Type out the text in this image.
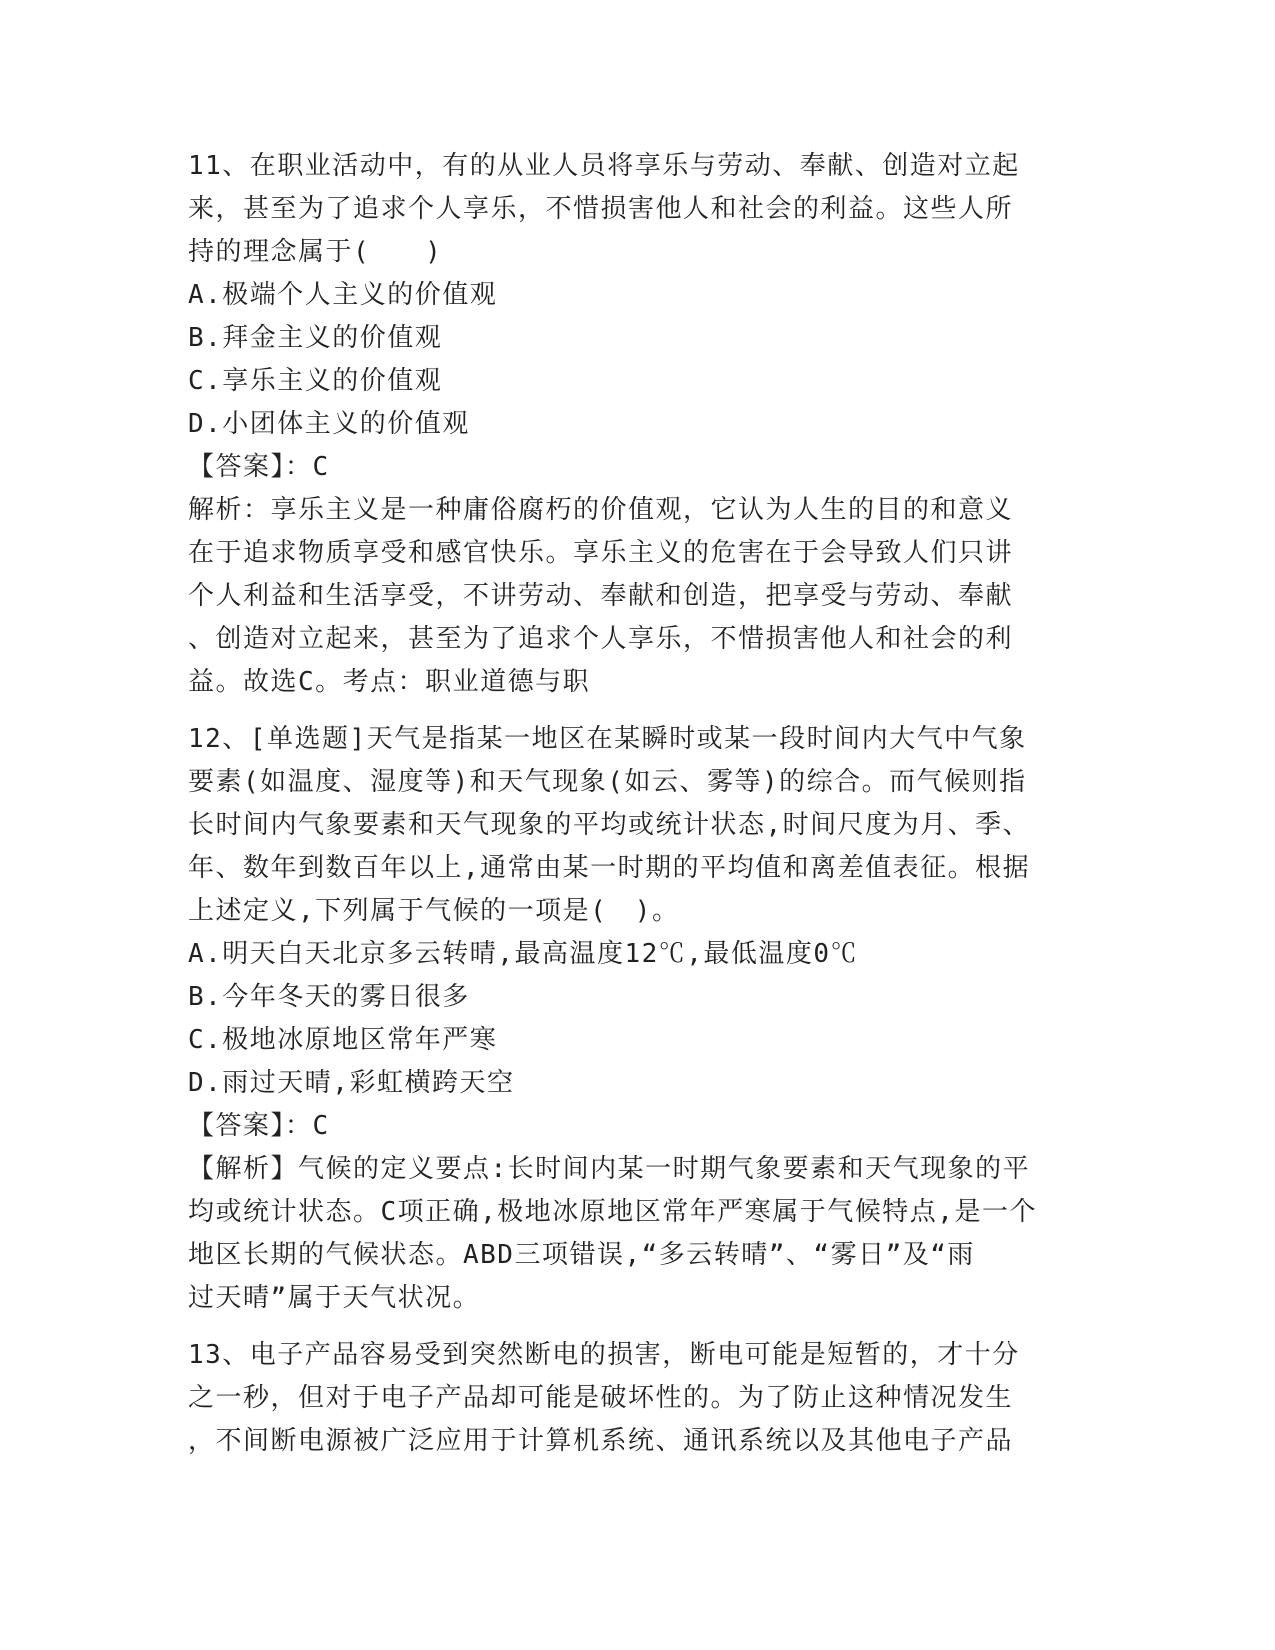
11、在职业活动中，有的从业人员将享乐与劳动、奉献、创造对立起
来，甚至为了追求个人享乐，不惜损害他人和社会的利益。这些人所
持的理念属于(　　)
A.极端个人主义的价值观
B.拜金主义的价值观
C.享乐主义的价值观
D.小团体主义的价值观
【答案】：C
解析：享乐主义是一种庸俗腐朽的价值观，它认为人生的目的和意义
在于追求物质享受和感官快乐。享乐主义的危害在于会导致人们只讲
个人利益和生活享受，不讲劳动、奉献和创造，把享受与劳动、奉献
、创造对立起来，甚至为了追求个人享乐，不惜损害他人和社会的利
益。故选C。考点：职业道德与职
12、[单选题]天气是指某一地区在某瞬时或某一段时间内大气中气象
要素(如温度、湿度等)和天气现象(如云、雾等)的综合。而气候则指
长时间内气象要素和天气现象的平均或统计状态,时间尺度为月、季、
年、数年到数百年以上,通常由某一时期的平均值和离差值表征。根据
上述定义,下列属于气候的一项是(　)。
A.明天白天北京多云转晴,最高温度12℃,最低温度0℃
B.今年冬天的雾日很多
C.极地冰原地区常年严寒
D.雨过天晴,彩虹横跨天空
【答案】：C
【解析】气候的定义要点:长时间内某一时期气象要素和天气现象的平
均或统计状态。C项正确,极地冰原地区常年严寒属于气候特点,是一个
地区长期的气候状态。ABD三项错误,“多云转晴”、“雾日”及“雨
过天晴”属于天气状况。
13、电子产品容易受到突然断电的损害，断电可能是短暂的，才十分
之一秒，但对于电子产品却可能是破坏性的。为了防止这种情况发生
，不间断电源被广泛应用于计算机系统、通讯系统以及其他电子产品
